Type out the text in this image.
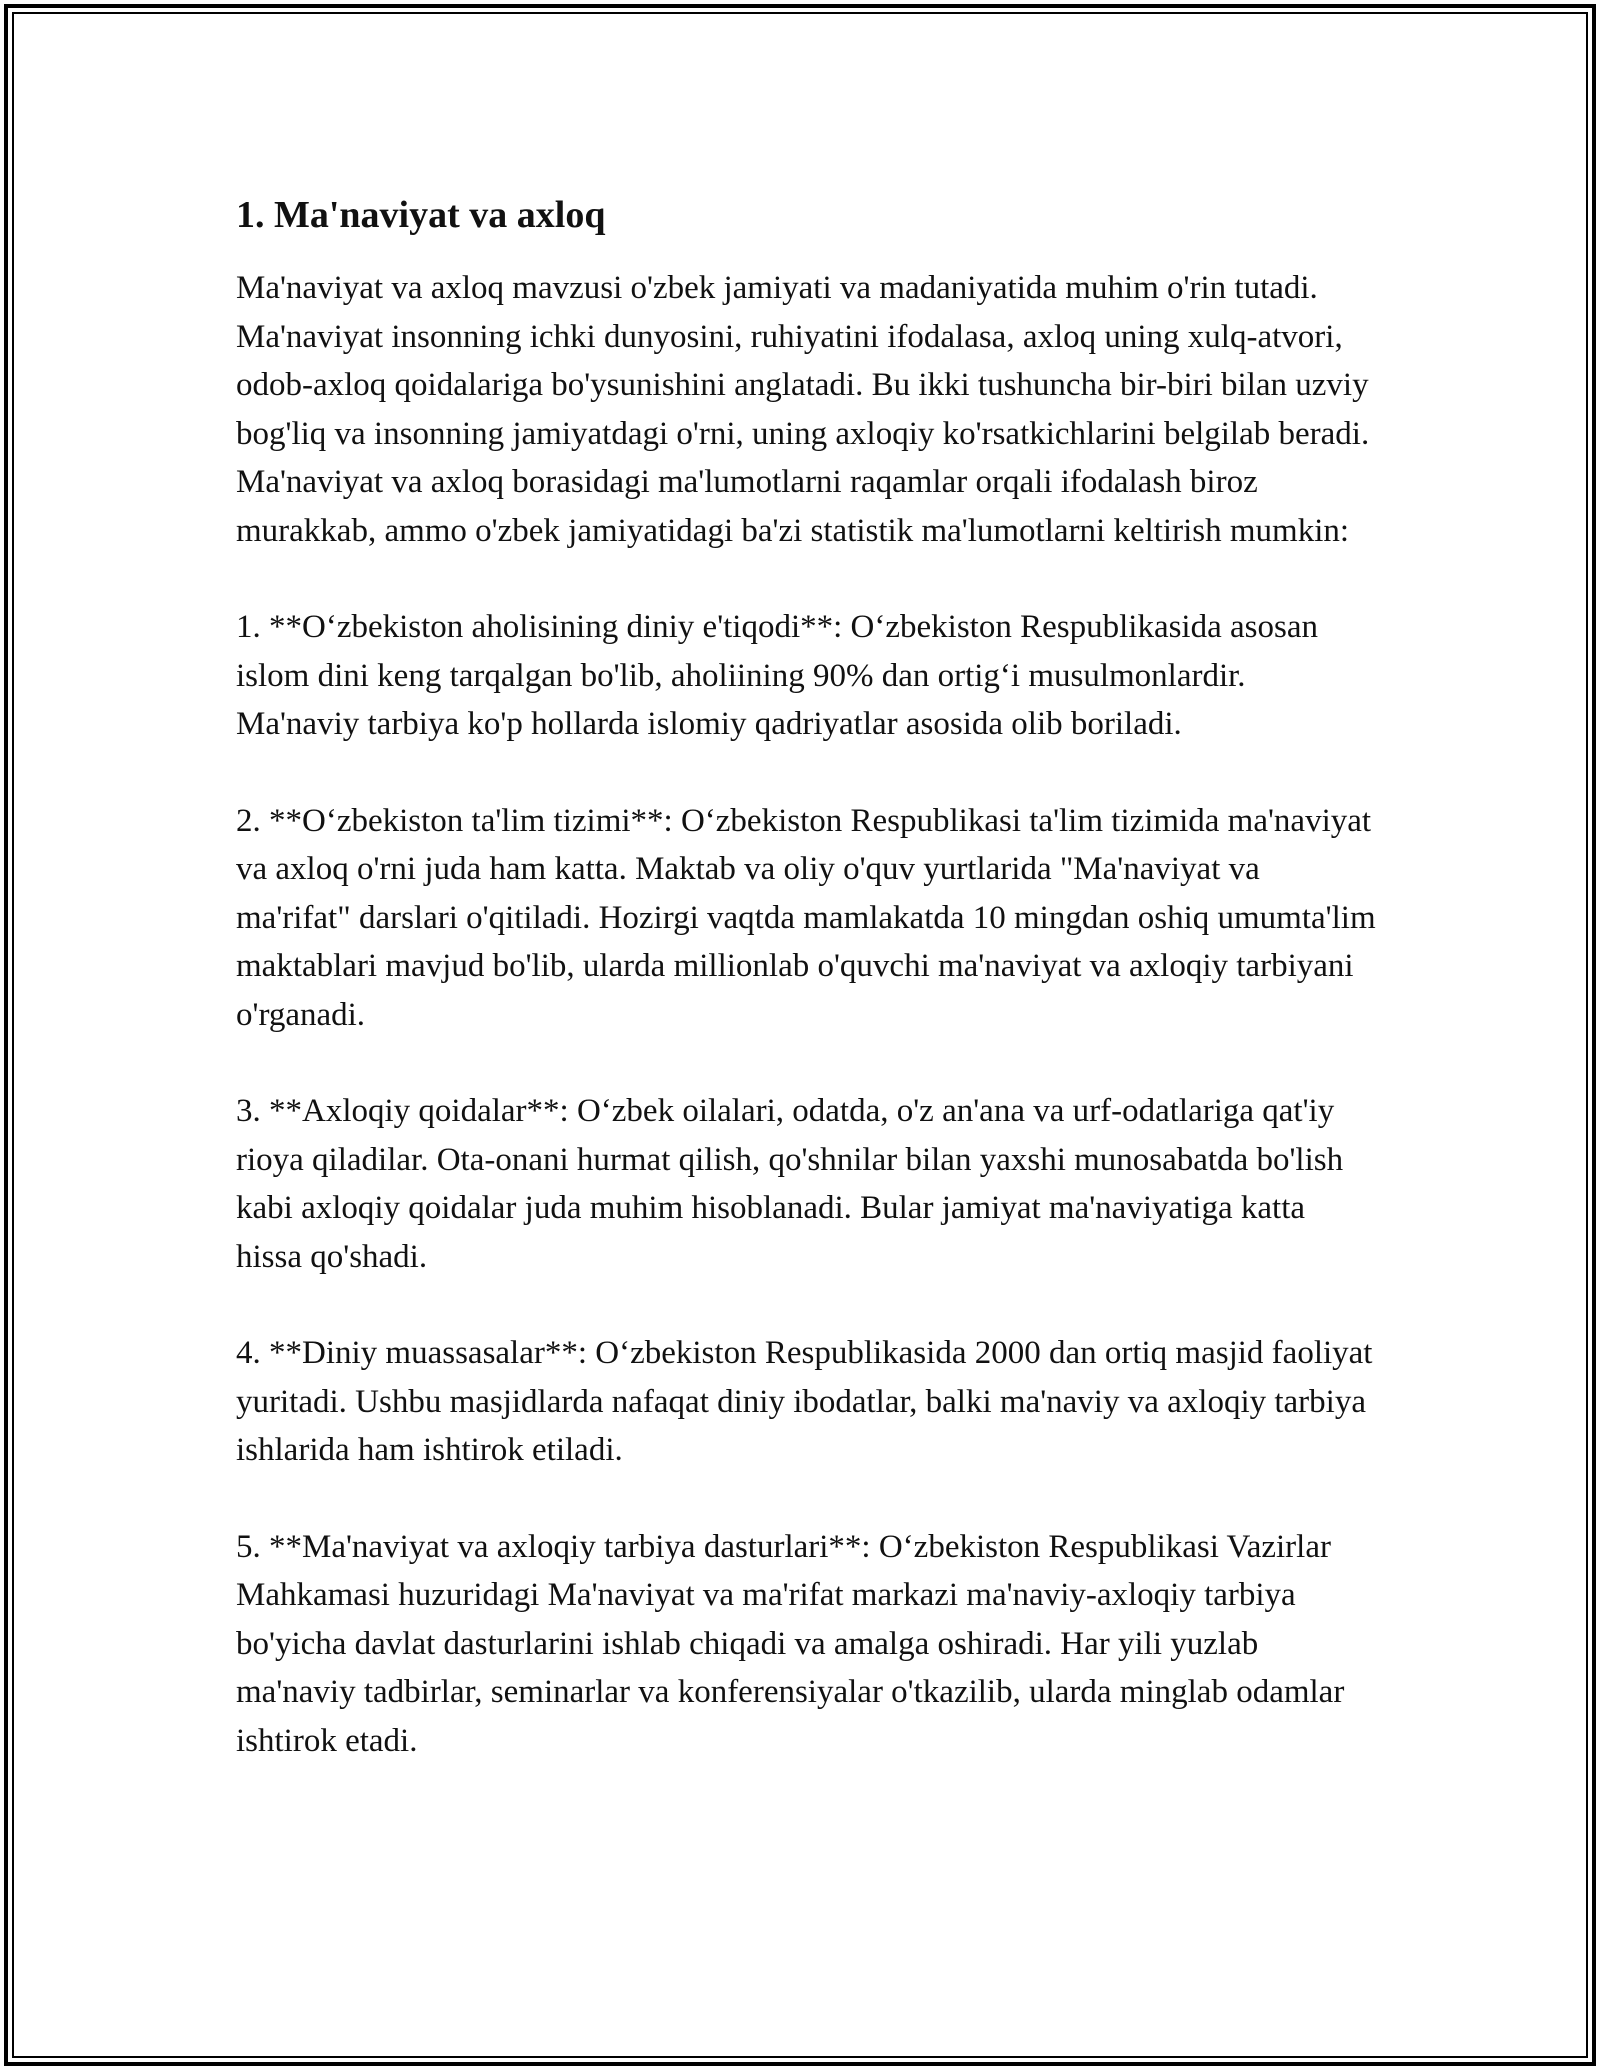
1. Ma'naviyat va axloq

Ma'naviyat va axloq mavzusi o'zbek jamiyati va madaniyatida muhim o'rin tutadi. Ma'naviyat insonning ichki dunyosini, ruhiyatini ifodalasa, axloq uning xulq-atvori, odob-axloq qoidalariga bo'ysunishini anglatadi. Bu ikki tushuncha bir-biri bilan uzviy bog'liq va insonning jamiyatdagi o'rni, uning axloqiy ko'rsatkichlarini belgilab beradi. Ma'naviyat va axloq borasidagi ma'lumotlarni raqamlar orqali ifodalash biroz murakkab, ammo o'zbek jamiyatidagi ba'zi statistik ma'lumotlarni keltirish mumkin:

1. **O‘zbekiston aholisining diniy e'tiqodi**: O‘zbekiston Respublikasida asosan islom dini keng tarqalgan bo'lib, aholiining 90% dan ortig‘i musulmonlardir. Ma'naviy tarbiya ko'p hollarda islomiy qadriyatlar asosida olib boriladi.

2. **O‘zbekiston ta'lim tizimi**: O‘zbekiston Respublikasi ta'lim tizimida ma'naviyat va axloq o'rni juda ham katta. Maktab va oliy o'quv yurtlarida "Ma'naviyat va ma'rifat" darslari o'qitiladi. Hozirgi vaqtda mamlakatda 10 mingdan oshiq umumta'lim maktablari mavjud bo'lib, ularda millionlab o'quvchi ma'naviyat va axloqiy tarbiyani o'rganadi.

3. **Axloqiy qoidalar**: O‘zbek oilalari, odatda, o'z an'ana va urf-odatlariga qat'iy rioya qiladilar. Ota-onani hurmat qilish, qo'shnilar bilan yaxshi munosabatda bo'lish kabi axloqiy qoidalar juda muhim hisoblanadi. Bular jamiyat ma'naviyatiga katta hissa qo'shadi.

4. **Diniy muassasalar**: O‘zbekiston Respublikasida 2000 dan ortiq masjid faoliyat yuritadi. Ushbu masjidlarda nafaqat diniy ibodatlar, balki ma'naviy va axloqiy tarbiya ishlarida ham ishtirok etiladi.

5. **Ma'naviyat va axloqiy tarbiya dasturlari**: O‘zbekiston Respublikasi Vazirlar Mahkamasi huzuridagi Ma'naviyat va ma'rifat markazi ma'naviy-axloqiy tarbiya bo'yicha davlat dasturlarini ishlab chiqadi va amalga oshiradi. Har yili yuzlab ma'naviy tadbirlar, seminarlar va konferensiyalar o'tkazilib, ularda minglab odamlar ishtirok etadi.
